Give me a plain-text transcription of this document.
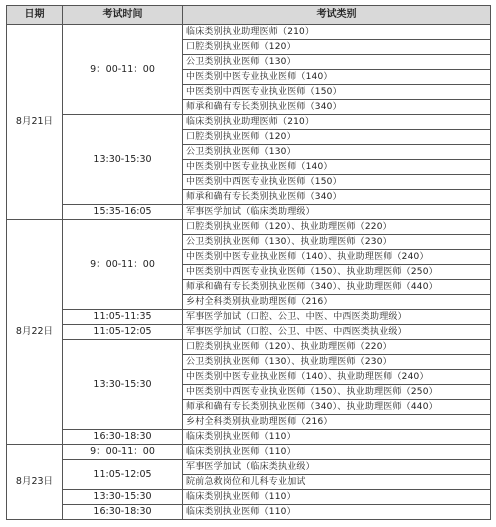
日期	考试时间	考试类别
8月21日	9：00-11：00	临床类别执业助理医师（210）
		口腔类别执业医师（120）
		公卫类别执业医师（130）
		中医类别中医专业执业医师（140）
		中医类别中西医专业执业医师（150）
		师承和确有专长类别执业医师（340）
	13:30-15:30	临床类别执业助理医师（210）
		口腔类别执业医师（120）
		公卫类别执业医师（130）
		中医类别中医专业执业医师（140）
		中医类别中西医专业执业医师（150）
		师承和确有专长类别执业医师（340）
	15:35-16:05	军事医学加试（临床类助理级）
8月22日	9：00-11：00	口腔类别执业医师（120）、执业助理医师（220）
		公卫类别执业医师（130）、执业助理医师（230）
		中医类别中医专业执业医师（140）、执业助理医师（240）
		中医类别中西医专业执业医师（150）、执业助理医师（250）
		师承和确有专长类别执业医师（340）、执业助理医师（440）
		乡村全科类别执业助理医师（216）
	11:05-11:35	军事医学加试（口腔、公卫、中医、中西医类助理级）
	11:05-12:05	军事医学加试（口腔、公卫、中医、中西医类执业级）
	13:30-15:30	口腔类别执业医师（120）、执业助理医师（220）
		公卫类别执业医师（130）、执业助理医师（230）
		中医类别中医专业执业医师（140）、执业助理医师（240）
		中医类别中西医专业执业医师（150）、执业助理医师（250）
		师承和确有专长类别执业医师（340）、执业助理医师（440）
		乡村全科类别执业助理医师（216）
	16:30-18:30	临床类别执业医师（110）
8月23日	9：00-11：00	临床类别执业医师（110）
	11:05-12:05	军事医学加试（临床类执业级）
		院前急救岗位和儿科专业加试
	13:30-15:30	临床类别执业医师（110）
	16:30-18:30	临床类别执业医师（110）
